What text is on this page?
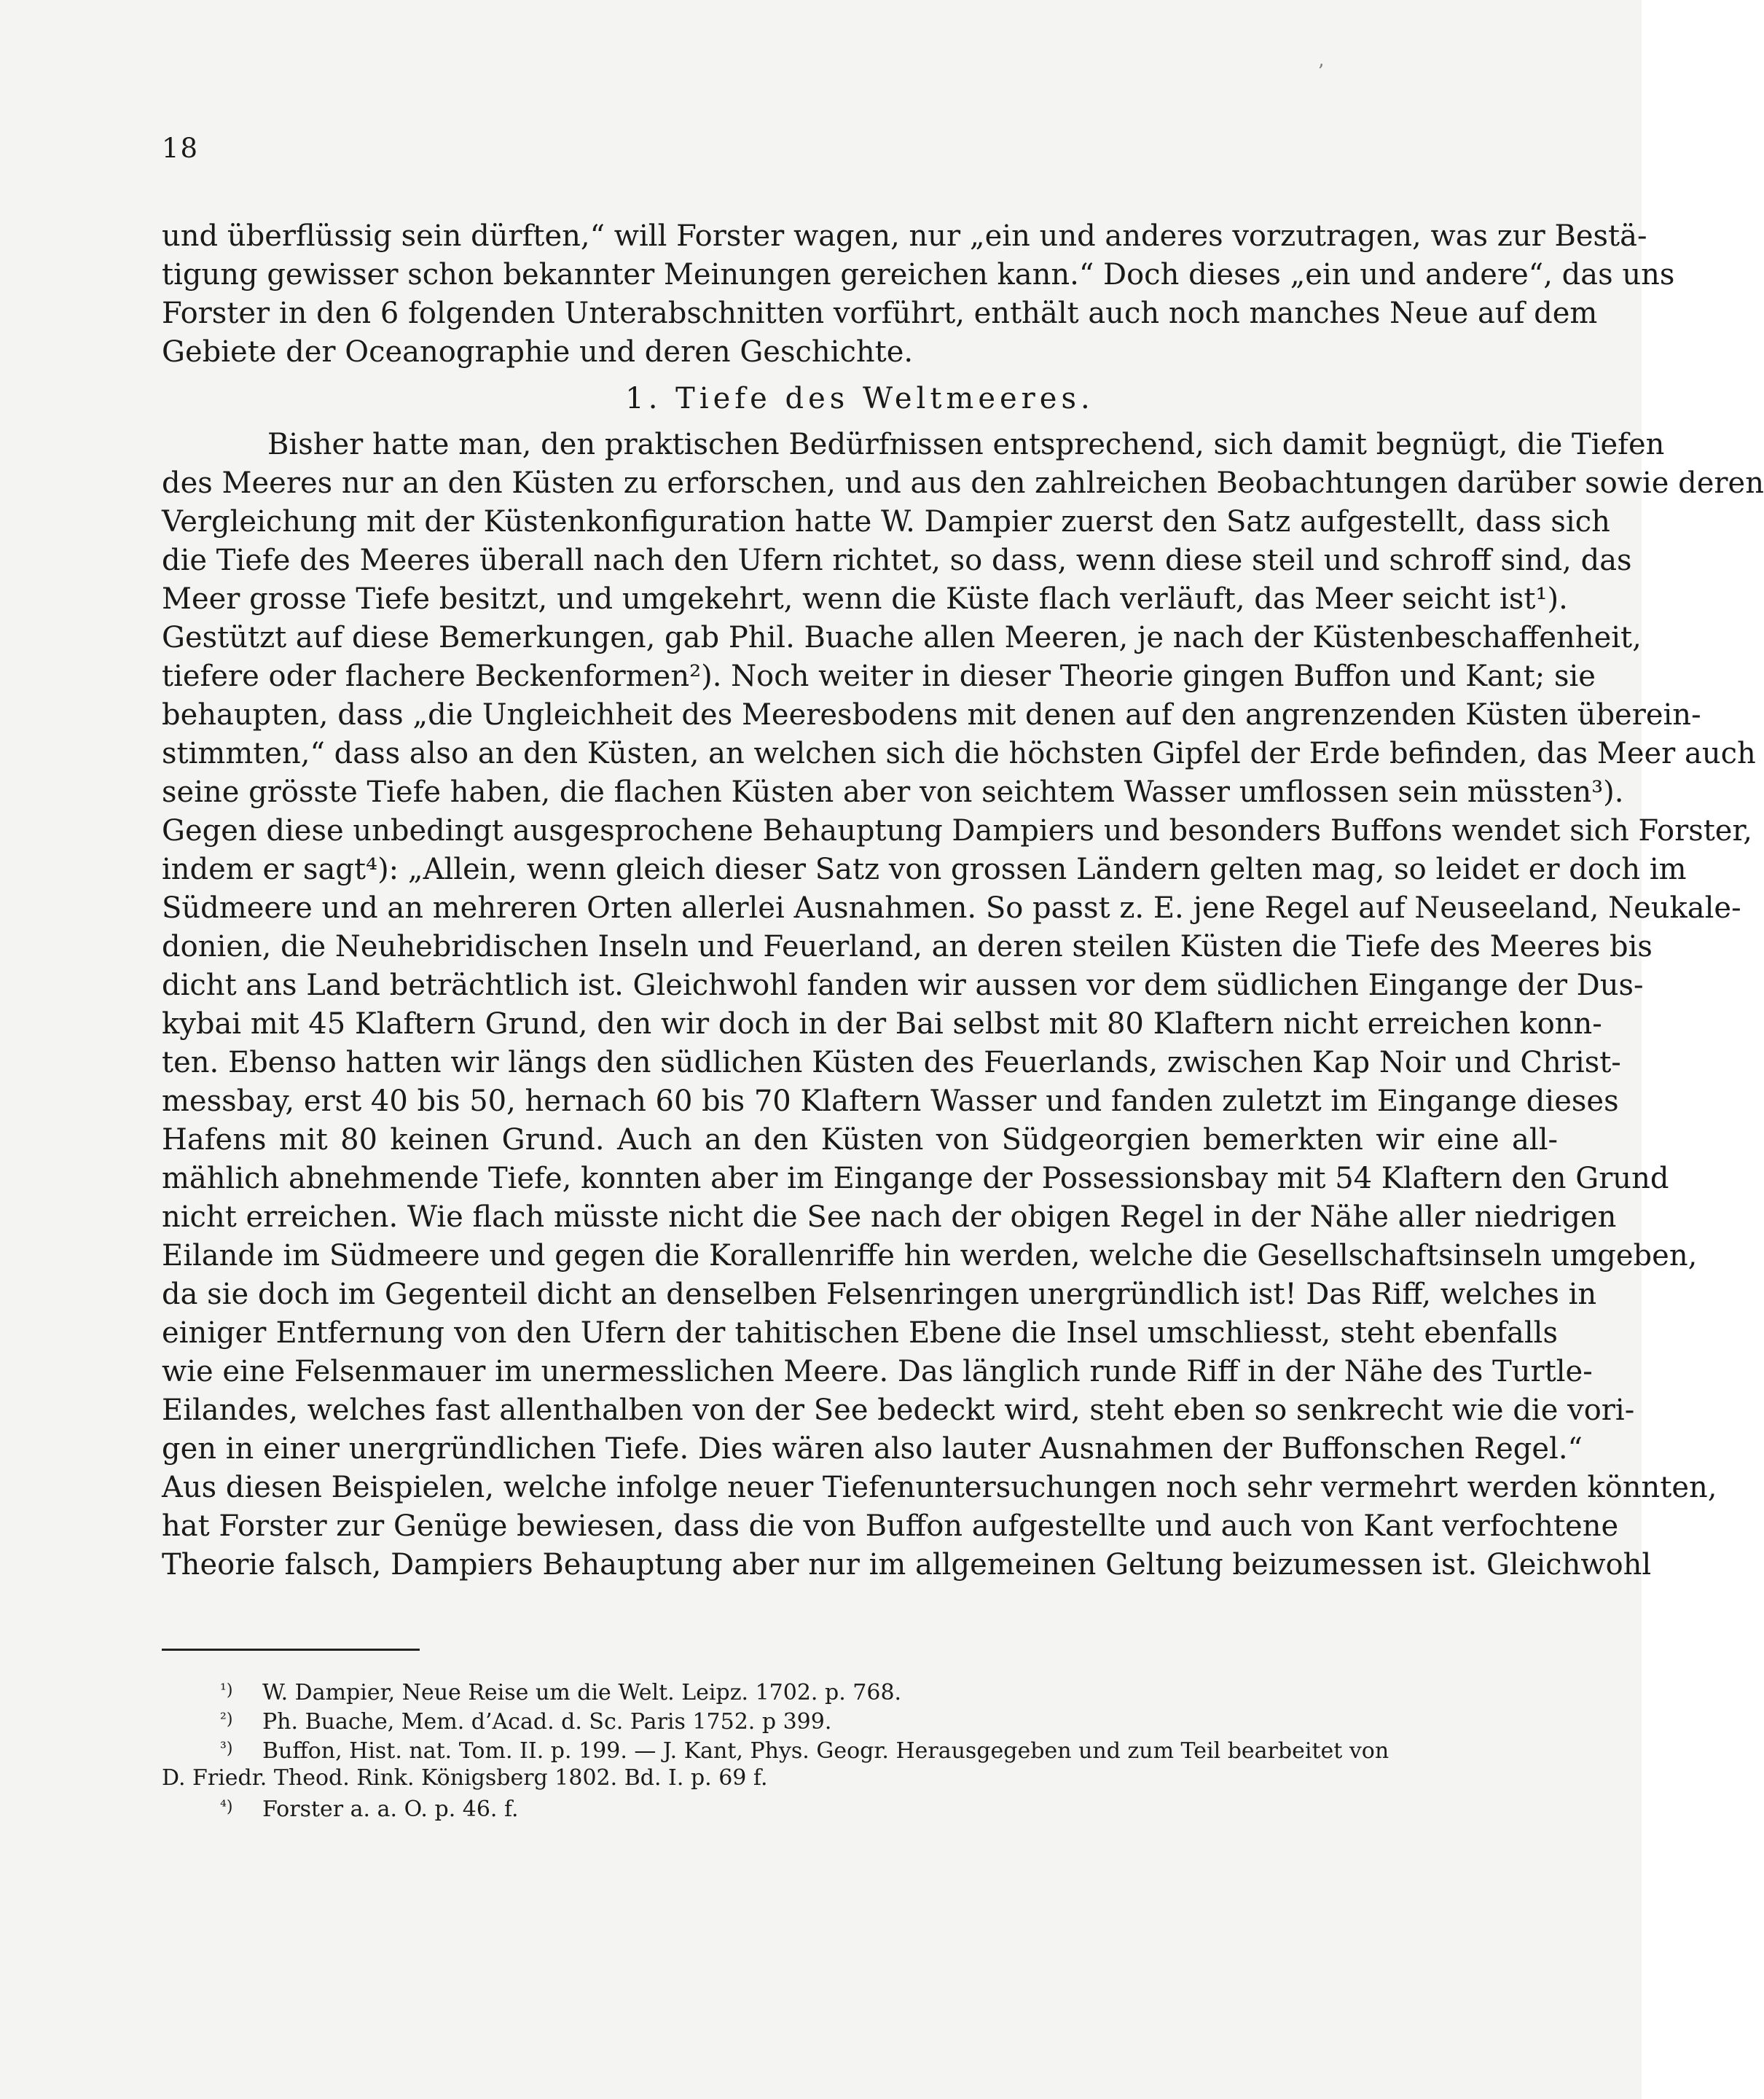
ʼ
18
und überflüssig sein dürften,“ will Forster wagen, nur „ein und anderes vorzutragen, was zur Bestä-
tigung gewisser schon bekannter Meinungen gereichen kann.“ Doch dieses „ein und andere“, das uns
Forster in den 6 folgenden Unterabschnitten vorführt, enthält auch noch manches Neue auf dem
Gebiete der Oceanographie und deren Geschichte.
1. Tiefe des Weltmeeres.
Bisher hatte man, den praktischen Bedürfnissen entsprechend, sich damit begnügt, die Tiefen
des Meeres nur an den Küsten zu erforschen, und aus den zahlreichen Beobachtungen darüber sowie deren
Vergleichung mit der Küstenkonfiguration hatte W. Dampier zuerst den Satz aufgestellt, dass sich
die Tiefe des Meeres überall nach den Ufern richtet, so dass, wenn diese steil und schroff sind, das
Meer grosse Tiefe besitzt, und umgekehrt, wenn die Küste flach verläuft, das Meer seicht ist¹).
Gestützt auf diese Bemerkungen, gab Phil. Buache allen Meeren, je nach der Küstenbeschaffenheit,
tiefere oder flachere Beckenformen²). Noch weiter in dieser Theorie gingen Buffon und Kant; sie
behaupten, dass „die Ungleichheit des Meeresbodens mit denen auf den angrenzenden Küsten überein-
stimmten,“ dass also an den Küsten, an welchen sich die höchsten Gipfel der Erde befinden, das Meer auch
seine grösste Tiefe haben, die flachen Küsten aber von seichtem Wasser umflossen sein müssten³).
Gegen diese unbedingt ausgesprochene Behauptung Dampiers und besonders Buffons wendet sich Forster,
indem er sagt⁴): „Allein, wenn gleich dieser Satz von grossen Ländern gelten mag, so leidet er doch im
Südmeere und an mehreren Orten allerlei Ausnahmen. So passt z. E. jene Regel auf Neuseeland, Neukale-
donien, die Neuhebridischen Inseln und Feuerland, an deren steilen Küsten die Tiefe des Meeres bis
dicht ans Land beträchtlich ist. Gleichwohl fanden wir aussen vor dem südlichen Eingange der Dus-
kybai mit 45 Klaftern Grund, den wir doch in der Bai selbst mit 80 Klaftern nicht erreichen konn-
ten. Ebenso hatten wir längs den südlichen Küsten des Feuerlands, zwischen Kap Noir und Christ-
messbay, erst 40 bis 50, hernach 60 bis 70 Klaftern Wasser und fanden zuletzt im Eingange dieses
Hafens mit 80 keinen Grund. Auch an den Küsten von Südgeorgien bemerkten wir eine all-
mählich abnehmende Tiefe, konnten aber im Eingange der Possessionsbay mit 54 Klaftern den Grund
nicht erreichen. Wie flach müsste nicht die See nach der obigen Regel in der Nähe aller niedrigen
Eilande im Südmeere und gegen die Korallenriffe hin werden, welche die Gesellschaftsinseln umgeben,
da sie doch im Gegenteil dicht an denselben Felsenringen unergründlich ist! Das Riff, welches in
einiger Entfernung von den Ufern der tahitischen Ebene die Insel umschliesst, steht ebenfalls
wie eine Felsenmauer im unermesslichen Meere. Das länglich runde Riff in der Nähe des Turtle-
Eilandes, welches fast allenthalben von der See bedeckt wird, steht eben so senkrecht wie die vori-
gen in einer unergründlichen Tiefe. Dies wären also lauter Ausnahmen der Buffonschen Regel.“
Aus diesen Beispielen, welche infolge neuer Tiefenuntersuchungen noch sehr vermehrt werden könnten,
hat Forster zur Genüge bewiesen, dass die von Buffon aufgestellte und auch von Kant verfochtene
Theorie falsch, Dampiers Behauptung aber nur im allgemeinen Geltung beizumessen ist. Gleichwohl
¹) W. Dampier, Neue Reise um die Welt. Leipz. 1702. p. 768.
²) Ph. Buache, Mem. d’Acad. d. Sc. Paris 1752. p 399.
³) Buffon, Hist. nat. Tom. II. p. 199. — J. Kant, Phys. Geogr. Herausgegeben und zum Teil bearbeitet von
D. Friedr. Theod. Rink. Königsberg 1802. Bd. I. p. 69 f.
⁴) Forster a. a. O. p. 46. f.
